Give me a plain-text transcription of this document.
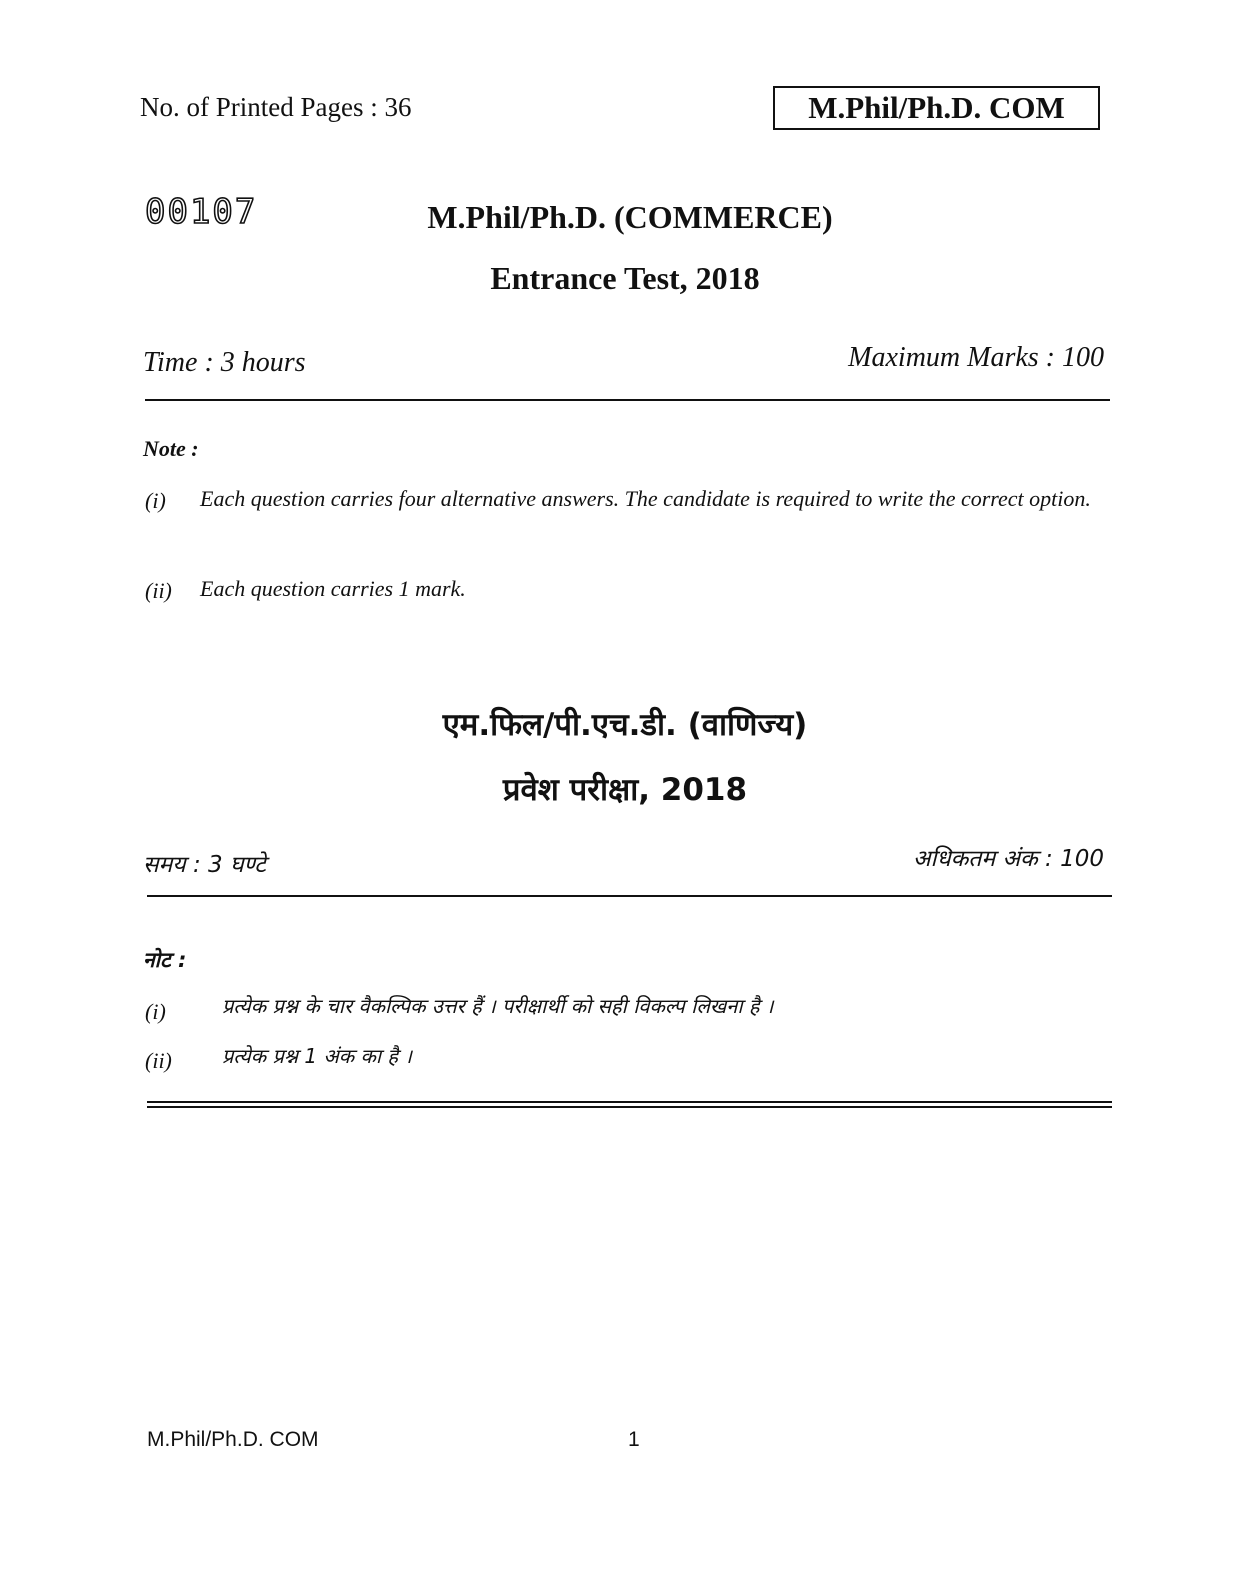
No. of Printed Pages : 36	M.Phil/Ph.D. COM
00107	M.Phil/Ph.D. (COMMERCE)
Entrance Test, 2018
Time : 3 hours	Maximum Marks : 100
Note :
(i) Each question carries four alternative answers. The candidate is required to write the correct option.
(ii) Each question carries 1 mark.
एम.फिल/पी.एच.डी. (वाणिज्य)
प्रवेश परीक्षा, 2018
समय : 3 घण्टे	अधिकतम अंक : 100
नोट :
(i)	प्रत्येक प्रश्न के चार वैकल्पिक उत्तर हैं । परीक्षार्थी को सही विकल्प लिखना है ।
(ii)	प्रत्येक प्रश्न 1 अंक का है ।
M.Phil/Ph.D. COM	1
